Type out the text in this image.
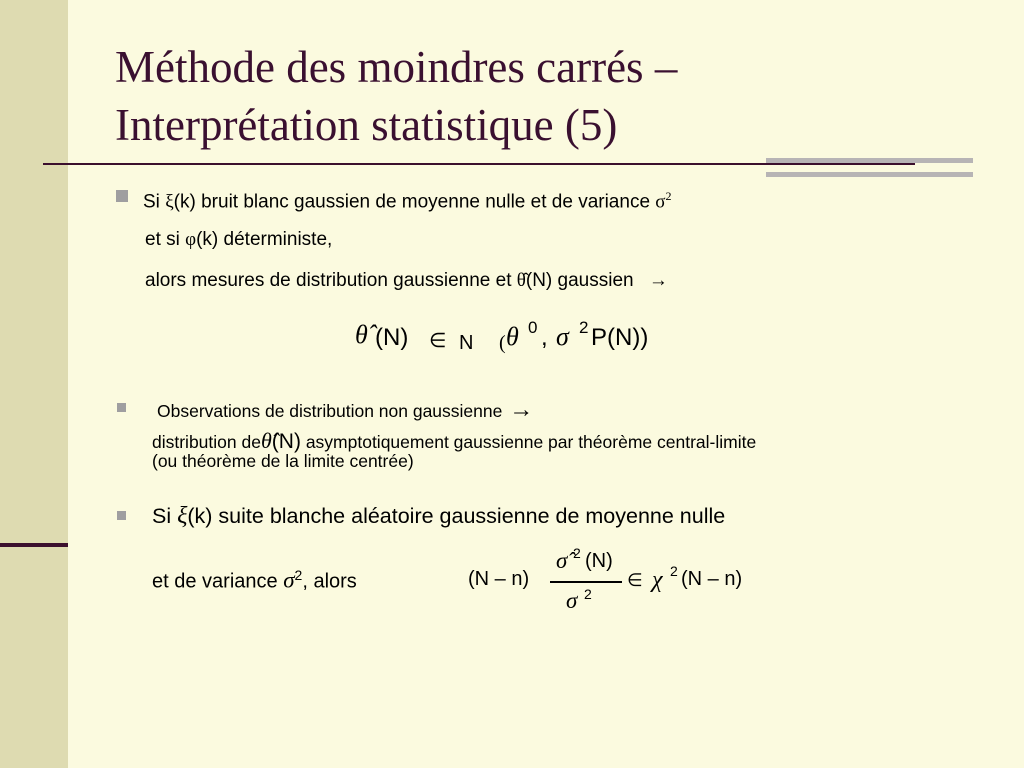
Méthode des moindres carrés –
Interprétation statistique (5)
Si ξ(k) bruit blanc gaussien de moyenne nulle et de variance $\sigma^2$
et si φ(k) déterministe,
alors mesures de distribution gaussienne et θ̂(N) gaussien →
θ̂ (N) ∈ N ( θ 0 , σ 2 P(N))
Observations de distribution non gaussienne →
distribution deθ̂(N) asymptotiquement gaussienne par théorème central-limite
(ou théorème de la limite centrée)
Si ξ(k) suite blanche aléatoire gaussienne de moyenne nulle
et de variance $\sigma^2$, alors	(N – n)
σ̂ 2 (N)
σ 2
∈ χ 2 (N – n)
